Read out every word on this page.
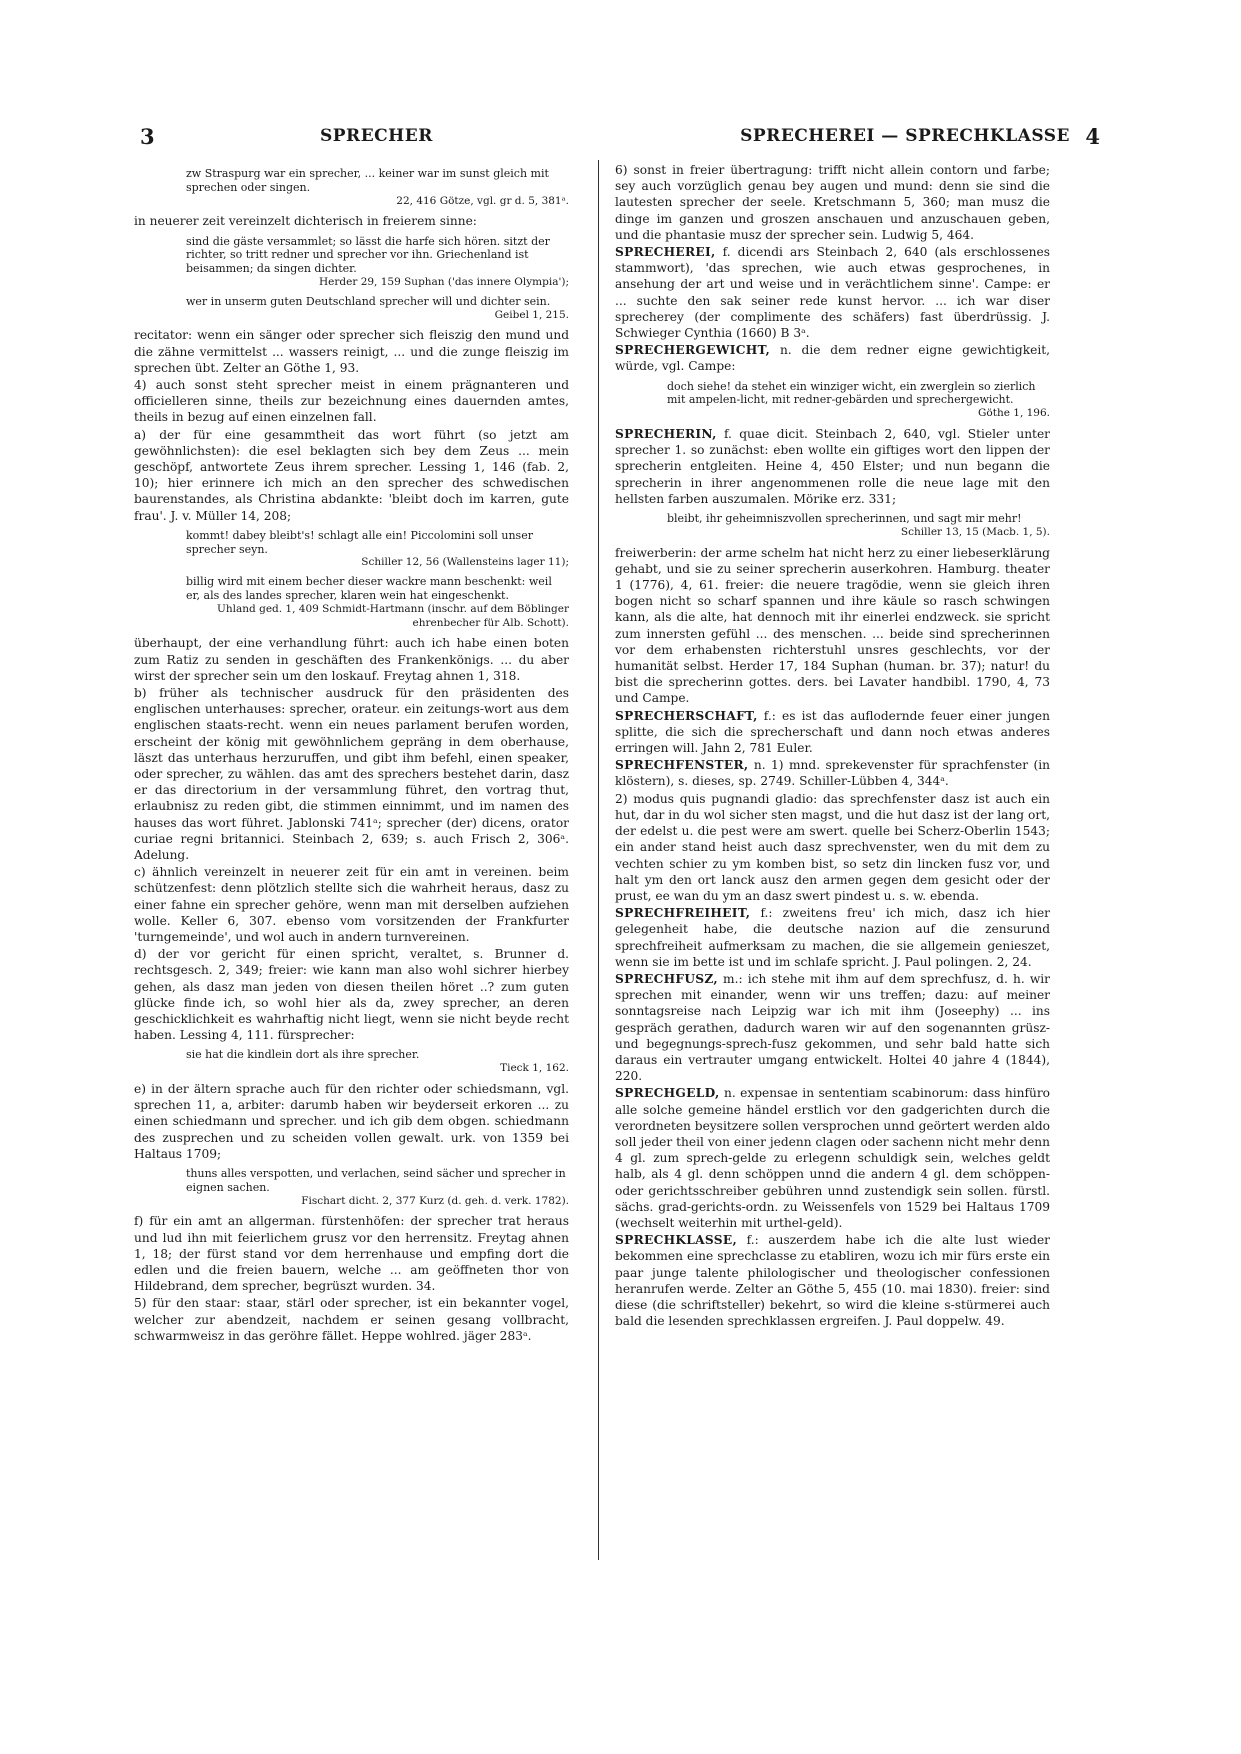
3	SPRECHER	SPRECHEREI — SPRECHKLASSE 4
zw Straspurg war ein sprecher, ... keiner war im sunst gleich mit sprechen oder singen.
22, 416 Götze, vgl. gr d. 5, 381ᵃ.

in neuerer zeit vereinzelt dichterisch in freierem sinne:

sind die gäste versammlet; so lässt die harfe sich hören. sitzt der richter, so tritt redner und sprecher vor ihn. Griechenland ist beisammen; da singen dichter.
Herder 29, 159 Suphan ('das innere Olympia');
wer in unserm guten Deutschland sprecher will und dichter sein.
Geibel 1, 215.

recitator: wenn ein sänger oder sprecher sich fleiszig den mund und die zähne vermittelst ... wassers reinigt, ... und die zunge fleiszig im sprechen übt. Zelter an Göthe 1, 93.

4) auch sonst steht sprecher meist in einem prägnanteren und officielleren sinne, theils zur bezeichnung eines dauernden amtes, theils in bezug auf einen einzelnen fall.

a) der für eine gesammtheit das wort führt (so jetzt am gewöhnlichsten): die esel beklagten sich bey dem Zeus ... mein geschöpf, antwortete Zeus ihrem sprecher. Lessing 1, 146 (fab. 2, 10); hier erinnere ich mich an den sprecher des schwedischen baurenstandes, als Christina abdankte: 'bleibt doch im karren, gute frau'. J. v. Müller 14, 208;

kommt! dabey bleibt's! schlagt alle ein! Piccolomini soll unser sprecher seyn.
Schiller 12, 56 (Wallensteins lager 11);
billig wird mit einem becher dieser wackre mann beschenkt: weil er, als des landes sprecher, klaren wein hat eingeschenkt.
Uhland ged. 1, 409 Schmidt-Hartmann (inschr. auf dem Böblinger ehrenbecher für Alb. Schott).

überhaupt, der eine verhandlung führt: auch ich habe einen boten zum Ratiz zu senden in geschäften des Frankenkönigs. ... du aber wirst der sprecher sein um den loskauf. Freytag ahnen 1, 318.

b) früher als technischer ausdruck für den präsidenten des englischen unterhauses: sprecher, orateur. ein zeitungs-wort aus dem englischen staats-recht. wenn ein neues parlament berufen worden, erscheint der könig mit gewöhnlichem gepräng in dem oberhause, läszt das unterhaus herzuruffen, und gibt ihm befehl, einen speaker, oder sprecher, zu wählen. das amt des sprechers bestehet darin, dasz er das directorium in der versammlung führet, den vortrag thut, erlaubnisz zu reden gibt, die stimmen einnimmt, und im namen des hauses das wort führet. Jablonski 741ᵃ; sprecher (der) dicens, orator curiae regni britannici. Steinbach 2, 639; s. auch Frisch 2, 306ᵃ. Adelung.

c) ähnlich vereinzelt in neuerer zeit für ein amt in vereinen. beim schützenfest: denn plötzlich stellte sich die wahrheit heraus, dasz zu einer fahne ein sprecher gehöre, wenn man mit derselben aufziehen wolle. Keller 6, 307. ebenso vom vorsitzenden der Frankfurter 'turngemeinde', und wol auch in andern turnvereinen.

d) der vor gericht für einen spricht, veraltet, s. Brunner d. rechtsgesch. 2, 349; freier: wie kann man also wohl sichrer hierbey gehen, als dasz man jeden von diesen theilen höret ..? zum guten glücke finde ich, so wohl hier als da, zwey sprecher, an deren geschicklichkeit es wahrhaftig nicht liegt, wenn sie nicht beyde recht haben. Lessing 4, 111. fürsprecher:

sie hat die kindlein dort als ihre sprecher.
Tieck 1, 162.

e) in der ältern sprache auch für den richter oder schiedsmann, vgl. sprechen 11, a, arbiter: darumb haben wir beyderseit erkoren ... zu einen schiedmann und sprecher. und ich gib dem obgen. schiedmann des zusprechen und zu scheiden vollen gewalt. urk. von 1359 bei Haltaus 1709;

thuns alles verspotten, und verlachen, seind sächer und sprecher in eignen sachen.
Fischart dicht. 2, 377 Kurz (d. geh. d. verk. 1782).

f) für ein amt an allgerman. fürstenhöfen: der sprecher trat heraus und lud ihn mit feierlichem grusz vor den herrensitz. Freytag ahnen 1, 18; der fürst stand vor dem herrenhause und empfing dort die edlen und die freien bauern, welche ... am geöffneten thor von Hildebrand, dem sprecher, begrüszt wurden. 34.

5) für den staar: staar, stärl oder sprecher, ist ein bekannter vogel, welcher zur abendzeit, nachdem er seinen gesang vollbracht, schwarmweisz in das geröhre fället. Heppe wohlred. jäger 283ᵃ.

6) sonst in freier übertragung: trifft nicht allein contorn und farbe; sey auch vorzüglich genau bey augen und mund: denn sie sind die lautesten sprecher der seele. Kretschmann 5, 360; man musz die dinge im ganzen und groszen anschauen und anzuschauen geben, und die phantasie musz der sprecher sein. Ludwig 5, 464.

SPRECHEREI, f. dicendi ars Steinbach 2, 640 (als erschlossenes stammwort), 'das sprechen, wie auch etwas gesprochenes, in ansehung der art und weise und in verächtlichem sinne'. Campe: er ... suchte den sak seiner rede kunst hervor. ... ich war diser sprecherey (der complimente des schäfers) fast überdrüssig. J. Schwieger Cynthia (1660) B 3ᵃ.

SPRECHERGEWICHT, n. die dem redner eigne gewichtigkeit, würde, vgl. Campe:

doch siehe! da stehet ein winziger wicht, ein zwerglein so zierlich mit ampelen-licht, mit redner-gebärden und sprechergewicht.
Göthe 1, 196.

SPRECHERIN, f. quae dicit. Steinbach 2, 640, vgl. Stieler unter sprecher 1. so zunächst: eben wollte ein giftiges wort den lippen der sprecherin entgleiten. Heine 4, 450 Elster; und nun begann die sprecherin in ihrer angenommenen rolle die neue lage mit den hellsten farben auszumalen. Mörike erz. 331;

bleibt, ihr geheimniszvollen sprecherinnen, und sagt mir mehr!
Schiller 13, 15 (Macb. 1, 5).

freiwerberin: der arme schelm hat nicht herz zu einer liebeserklärung gehabt, und sie zu seiner sprecherin auserkohren. Hamburg. theater 1 (1776), 4, 61. freier: die neuere tragödie, wenn sie gleich ihren bogen nicht so scharf spannen und ihre käule so rasch schwingen kann, als die alte, hat dennoch mit ihr einerlei endzweck. sie spricht zum innersten gefühl ... des menschen. ... beide sind sprecherinnen vor dem erhabensten richterstuhl unsres geschlechts, vor der humanität selbst. Herder 17, 184 Suphan (human. br. 37); natur! du bist die sprecherinn gottes. ders. bei Lavater handbibl. 1790, 4, 73 und Campe.

SPRECHERSCHAFT, f.: es ist das auflodernde feuer einer jungen splitte, die sich die sprecherschaft und dann noch etwas anderes erringen will. Jahn 2, 781 Euler.

SPRECHFENSTER, n. 1) mnd. sprekevenster für sprachfenster (in klöstern), s. dieses, sp. 2749. Schiller-Lübben 4, 344ᵃ.

2) modus quis pugnandi gladio: das sprechfenster dasz ist auch ein hut, dar in du wol sicher sten magst, und die hut dasz ist der lang ort, der edelst u. die pest were am swert. quelle bei Scherz-Oberlin 1543; ein ander stand heist auch dasz sprechvenster, wen du mit dem zu vechten schier zu ym komben bist, so setz din lincken fusz vor, und halt ym den ort lanck ausz den armen gegen dem gesicht oder der prust, ee wan du ym an dasz swert pindest u. s. w. ebenda.

SPRECHFREIHEIT, f.: zweitens freu' ich mich, dasz ich hier gelegenheit habe, die deutsche nazion auf die zensurund sprechfreiheit aufmerksam zu machen, die sie allgemein genieszet, wenn sie im bette ist und im schlafe spricht. J. Paul polingen. 2, 24.

SPRECHFUSZ, m.: ich stehe mit ihm auf dem sprechfusz, d. h. wir sprechen mit einander, wenn wir uns treffen; dazu: auf meiner sonntagsreise nach Leipzig war ich mit ihm (Joseephy) ... ins gespräch gerathen, dadurch waren wir auf den sogenannten grüsz- und begegnungs-sprech-fusz gekommen, und sehr bald hatte sich daraus ein vertrauter umgang entwickelt. Holtei 40 jahre 4 (1844), 220.

SPRECHGELD, n. expensae in sententiam scabinorum: dass hinfüro alle solche gemeine händel erstlich vor den gadgerichten durch die verordneten beysitzere sollen versprochen unnd geörtert werden aldo soll jeder theil von einer jedenn clagen oder sachenn nicht mehr denn 4 gl. zum sprech-gelde zu erlegenn schuldigk sein, welches geldt halb, als 4 gl. denn schöppen unnd die andern 4 gl. dem schöppen- oder gerichtsschreiber gebühren unnd zustendigk sein sollen. fürstl. sächs. grad-gerichts-ordn. zu Weissenfels von 1529 bei Haltaus 1709 (wechselt weiterhin mit urthel-geld).

SPRECHKLASSE, f.: auszerdem habe ich die alte lust wieder bekommen eine sprechclasse zu etabliren, wozu ich mir fürs erste ein paar junge talente philologischer und theologischer confessionen heranrufen werde. Zelter an Göthe 5, 455 (10. mai 1830). freier: sind diese (die schriftsteller) bekehrt, so wird die kleine s-stürmerei auch bald die lesenden sprechklassen ergreifen. J. Paul doppelw. 49.
